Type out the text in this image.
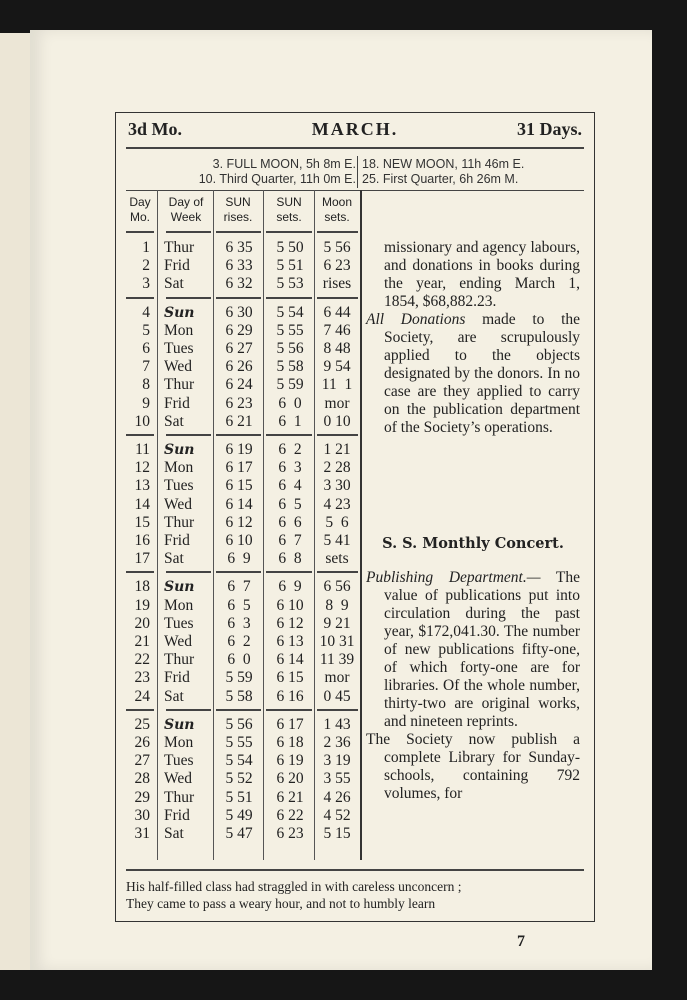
3d Mo.	MARCH.	31 Days.
3. FULL MOON, 5h 8m E.
10. Third Quarter, 11h 0m E.
18. NEW MOON, 11h 46m E.
25. First Quarter, 6h 26m M.
Day
Mo.
Day of
Week
SUN
rises.
SUN
sets.
Moon
sets.
1 Thur	6 35	5 50	5 56
2 Frid	6 33	5 51	6 23
3 Sat	6 32	5 53	rises
4 Sun	6 30	5 54	6 44
5 Mon	6 29	5 55	7 46
6 Tues	6 27	5 56	8 48
7 Wed	6 26	5 58	9 54
8 Thur	6 24	5 59	11  1
9 Frid	6 23	6  0	mor
10 Sat	6 21	6  1	0 10
11 Sun	6 19	6  2	1 21
12 Mon	6 17	6  3	2 28
13 Tues	6 15	6  4	3 30
14 Wed	6 14	6  5	4 23
15 Thur	6 12	6  6	5  6
16 Frid	6 10	6  7	5 41
17 Sat	6  9	6  8	sets
18 Sun	6  7	6  9	6 56
19 Mon	6  5	6 10	8  9
20 Tues	6  3	6 12	9 21
21 Wed	6  2	6 13	10 31
22 Thur	6  0	6 14	11 39
23 Frid	5 59	6 15	mor
24 Sat	5 58	6 16	0 45
25 Sun	5 56	6 17	1 43
26 Mon	5 55	6 18	2 36
27 Tues	5 54	6 19	3 19
28 Wed	5 52	6 20	3 55
29 Thur	5 51	6 21	4 26
30 Frid	5 49	6 22	4 52
31 Sat	5 47	6 23	5 15
missionary and agency labours, and donations in books during the year, ending March 1, 1854, $68,882.23.
All Donations made to the Society, are scrupulously applied to the objects designated by the donors. In no case are they applied to carry on the publication department of the Society’s operations.
S. S. Monthly Concert.
Publishing Department.— The value of publications put into circulation during the past year, $172,041.30. The number of new publications fifty-one, of which forty-one are for libraries. Of the whole number, thirty-two are original works, and nineteen reprints.
The Society now publish a complete Library for Sunday-schools, containing 792 volumes, for
His half-filled class had straggled in with careless unconcern ;
They came to pass a weary hour, and not to humbly learn
7
